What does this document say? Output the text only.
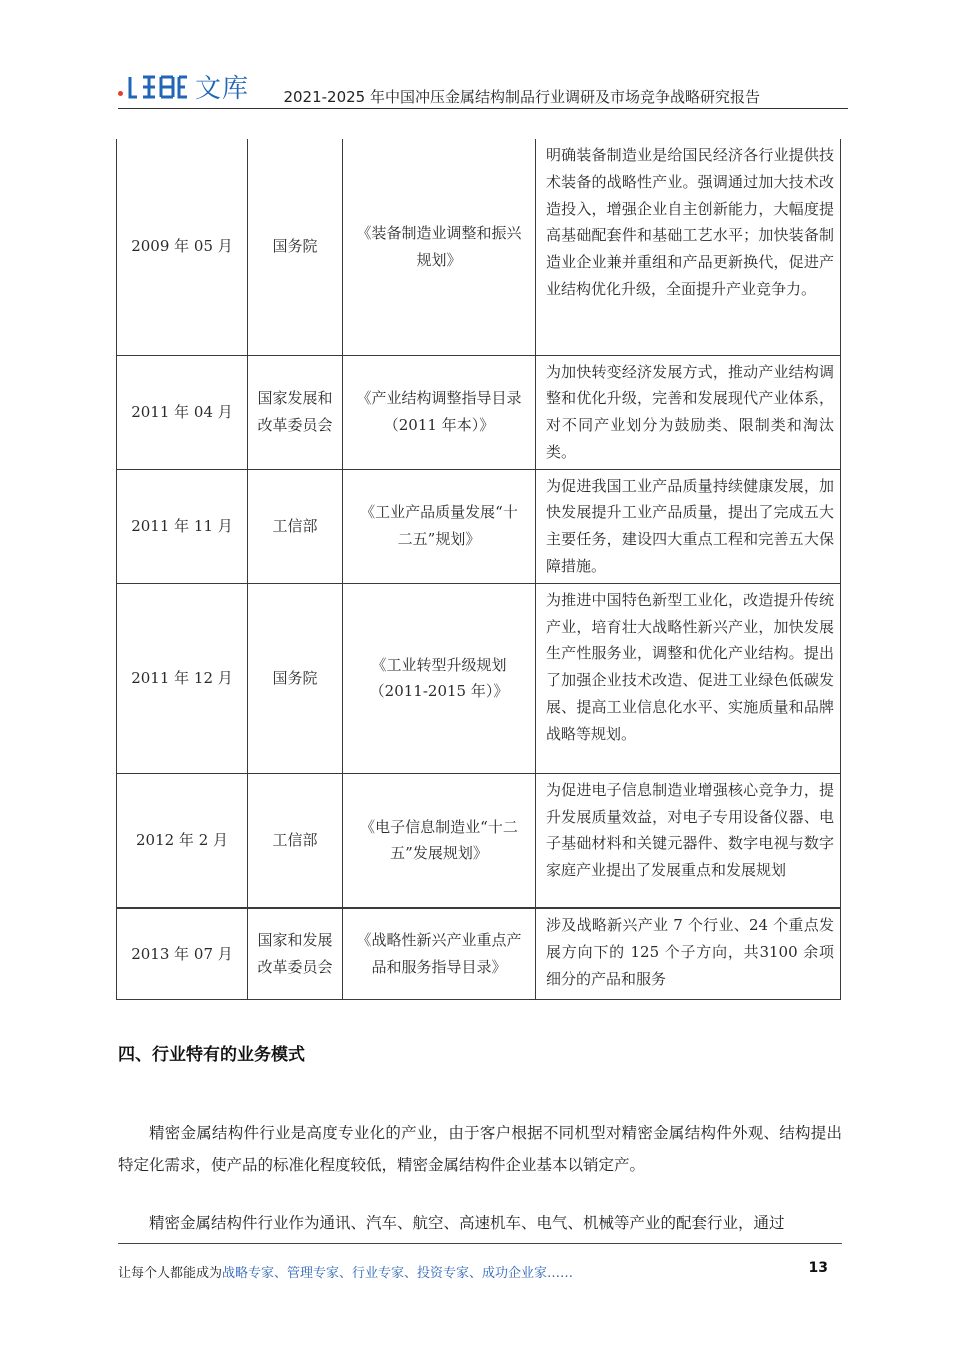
文库 2021-2025 年中国冲压金属结构制品行业调研及市场竞争战略研究报告
2009 年 05 月	国务院	《装备制造业调整和振兴规划》	明确装备制造业是给国民经济各行业提供技术装备的战略性产业。强调通过加大技术改造投入，增强企业自主创新能力，大幅度提高基础配套件和基础工艺水平；加快装备制造业企业兼并重组和产品更新换代，促进产业结构优化升级，全面提升产业竞争力。
2011 年 04 月	国家发展和改革委员会	《产业结构调整指导目录（2011 年本）》	为加快转变经济发展方式，推动产业结构调整和优化升级，完善和发展现代产业体系，对不同产业划分为鼓励类、限制类和淘汰类。
2011 年 11 月	工信部	《工业产品质量发展“十二五”规划》	为促进我国工业产品质量持续健康发展，加快发展提升工业产品质量，提出了完成五大主要任务，建设四大重点工程和完善五大保障措施。
2011 年 12 月	国务院	《工业转型升级规划（2011-2015 年）》	为推进中国特色新型工业化，改造提升传统产业，培育壮大战略性新兴产业，加快发展生产性服务业，调整和优化产业结构。提出了加强企业技术改造、促进工业绿色低碳发展、提高工业信息化水平、实施质量和品牌战略等规划。
2012 年 2 月	工信部	《电子信息制造业“十二五”发展规划》	为促进电子信息制造业增强核心竞争力，提升发展质量效益，对电子专用设备仪器、电子基础材料和关键元器件、数字电视与数字家庭产业提出了发展重点和发展规划
2013 年 07 月	国家和发展改革委员会	《战略性新兴产业重点产品和服务指导目录》	涉及战略新兴产业 7 个行业、24 个重点发展方向下的 125 个子方向，共3100 余项细分的产品和服务
四、行业特有的业务模式

精密金属结构件行业是高度专业化的产业，由于客户根据不同机型对精密金属结构件外观、结构提出特定化需求，使产品的标准化程度较低，精密金属结构件企业基本以销定产。

精密金属结构件行业作为通讯、汽车、航空、高速机车、电气、机械等产业的配套行业，通过

让每个人都能成为战略专家、管理专家、行业专家、投资专家、成功企业家……	13
